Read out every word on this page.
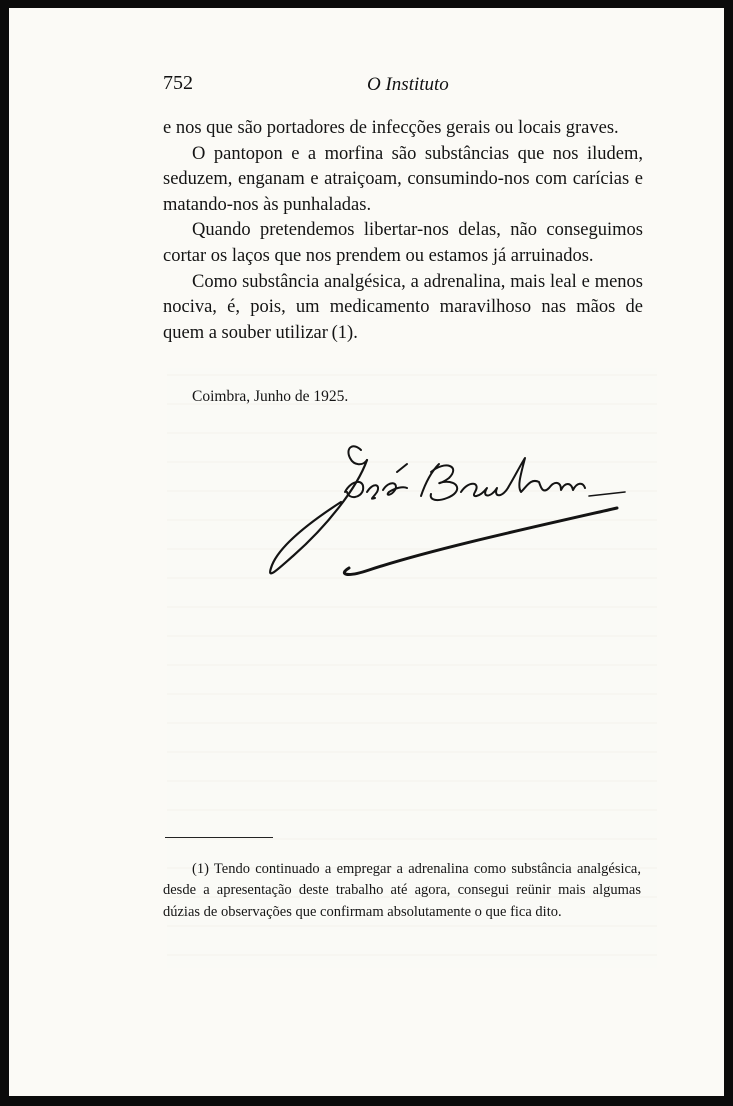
752	O Instituto

e nos que são portadores de infecções gerais ou locais graves.

O pantopon e a morfina são substâncias que nos iludem, seduzem, enganam e atraiçoam, consumindo-nos com carícias e matando-nos às punhaladas.

Quando pretendemos libertar-nos delas, não conseguimos cortar os laços que nos prendem ou estamos já arruinados.

Como substância analgésica, a adrenalina, mais leal e menos nociva, é, pois, um medicamento maravilhoso nas mãos de quem a souber utilizar  (1).

Coimbra, Junho de 1925.
(1) Tendo continuado a empregar a adrenalina como substância analgésica, desde a apresentação deste trabalho até agora, consegui reünir mais algumas dúzias de observações que confirmam absolutamente o que fica dito.
